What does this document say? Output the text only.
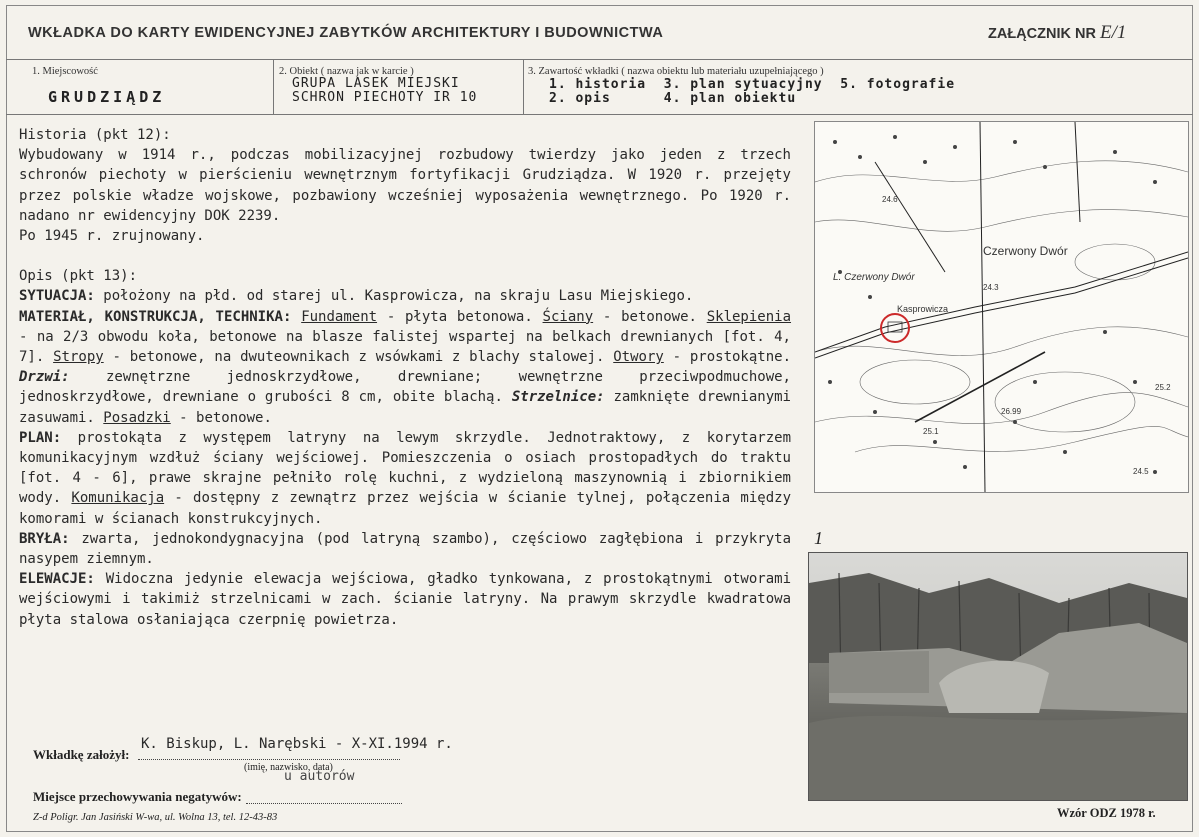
WKŁADKA DO KARTY EWIDENCYJNEJ ZABYTKÓW ARCHITEKTURY I BUDOWNICTWA	ZAŁĄCZNIK NR E/1
1. Miejscowość
GRUDZIĄDZ
2. Obiekt ( nazwa jak w karcie )
GRUPA LASEK MIEJSKI
SCHRON PIECHOTY IR 10
3. Zawartość wkładki ( nazwa obiektu lub materiału uzupełniającego )
1. historia  3. plan sytuacyjny  5. fotografie
2. opis      4. plan obiektu

Historia (pkt 12):

Wybudowany w 1914 r., podczas mobilizacyjnej rozbudowy twierdzy jako jeden z trzech schronów piechoty w pierścieniu wewnętrznym fortyfikacji Grudziądza. W 1920 r. przejęty przez polskie władze wojskowe, pozbawiony wcześniej wyposażenia wewnętrznego. Po 1920 r. nadano nr ewidencyjny DOK 2239.

Po 1945 r. zrujnowany.

Opis (pkt 13):

SYTUACJA: położony na płd. od starej ul. Kasprowicza, na skraju Lasu Miejskiego.

MATERIAŁ, KONSTRUKCJA, TECHNIKA: Fundament - płyta betonowa. Ściany - betonowe. Sklepienia - na 2/3 obwodu koła, betonowe na blasze falistej wspartej na belkach drewnianych [fot. 4, 7]. Stropy - betonowe, na dwuteownikach z wsówkami z blachy stalowej. Otwory - prostokątne. Drzwi: zewnętrzne jednoskrzydłowe, drewniane; wewnętrzne przeciwpodmuchowe, jednoskrzydłowe, drewniane o grubości 8 cm, obite blachą. Strzelnice: zamknięte drewnianymi zasuwami. Posadzki - betonowe.

PLAN: prostokąta z występem latryny na lewym skrzydle. Jednotraktowy, z korytarzem komunikacyjnym wzdłuż ściany wejściowej. Pomieszczenia o osiach prostopadłych do traktu [fot. 4 - 6], prawe skrajne pełniło rolę kuchni, z wydzieloną maszynownią i zbiornikiem wody. Komunikacja - dostępny z zewnątrz przez wejścia w ścianie tylnej, połączenia między komorami w ścianach konstrukcyjnych.

BRYŁA: zwarta, jednokondygnacyjna (pod latryną szambo), częściowo zagłębiona i przykryta nasypem ziemnym.

ELEWACJE: Widoczna jedynie elewacja wejściowa, gładko tynkowana, z prostokątnymi otworami wejściowymi i takimiż strzelnicami w zach. ścianie latryny. Na prawym skrzydle kwadratowa płyta stalowa osłaniająca czerpnię powietrza.

Czerwony Dwór
L. Czerwony Dwór
Kasprowicza
24.6
24.3
25.2
26.99
25.1
24.5
1
K. Biskup, L. Narębski - X-XI.1994 r.
Wkładkę założył:
(imię, nazwisko, data)
u autorów
Miejsce przechowywania negatywów:
Z-d Poligr. Jan Jasiński W-wa, ul. Wolna 13, tel. 12-43-83	Wzór ODZ 1978 r.
